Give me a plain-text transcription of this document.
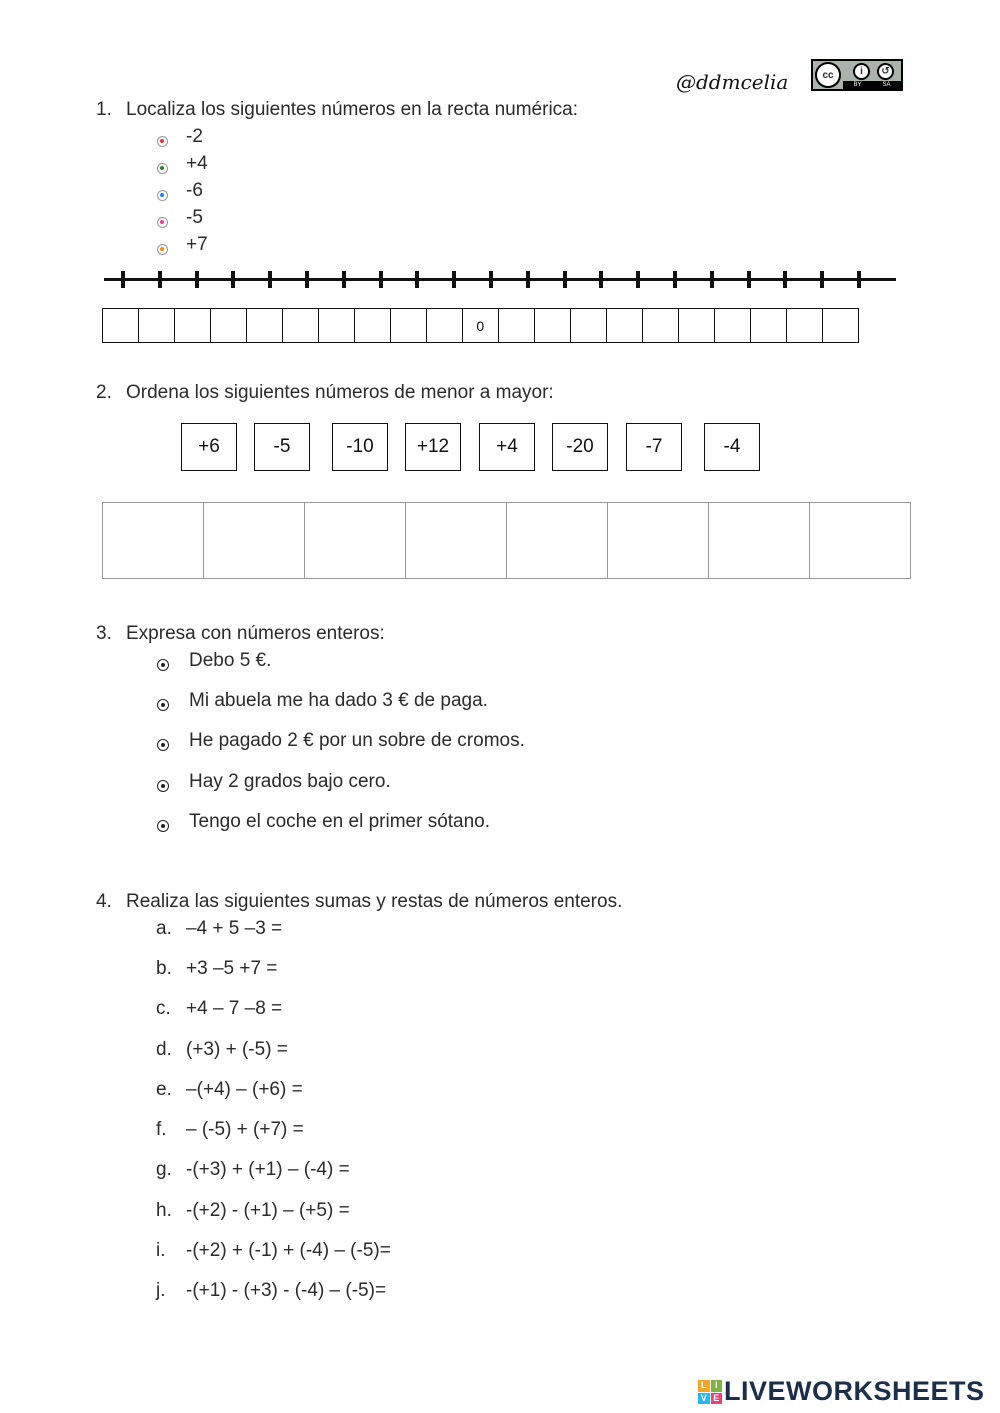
@ddmcelia	cc	i	↺
BY	SA
1. Localiza los siguientes números en la recta numérica:
-2
+4
-6
-5
+7
0
2. Ordena los siguientes números de menor a mayor:
+6	-5	-10	+12	+4	-20	-7	-4
3. Expresa con números enteros:
Debo 5 €.
Mi abuela me ha dado 3 € de paga.
He pagado 2 € por un sobre de cromos.
Hay 2 grados bajo cero.
Tengo el coche en el primer sótano.
4. Realiza las siguientes sumas y restas de números enteros.
a. –4 + 5 –3 =
b. +3 –5 +7 =
c. +4 – 7 –8 =
d. (+3) + (-5) =
e. –(+4) – (+6) =
f. – (-5) + (+7) =
g. -(+3) + (+1) – (-4) =
h. -(+2) - (+1) – (+5) =
i. -(+2) + (-1) + (-4) – (-5)=
j. -(+1) - (+3) - (-4) – (-5)=
L I
V E LIVEWORKSHEETS
